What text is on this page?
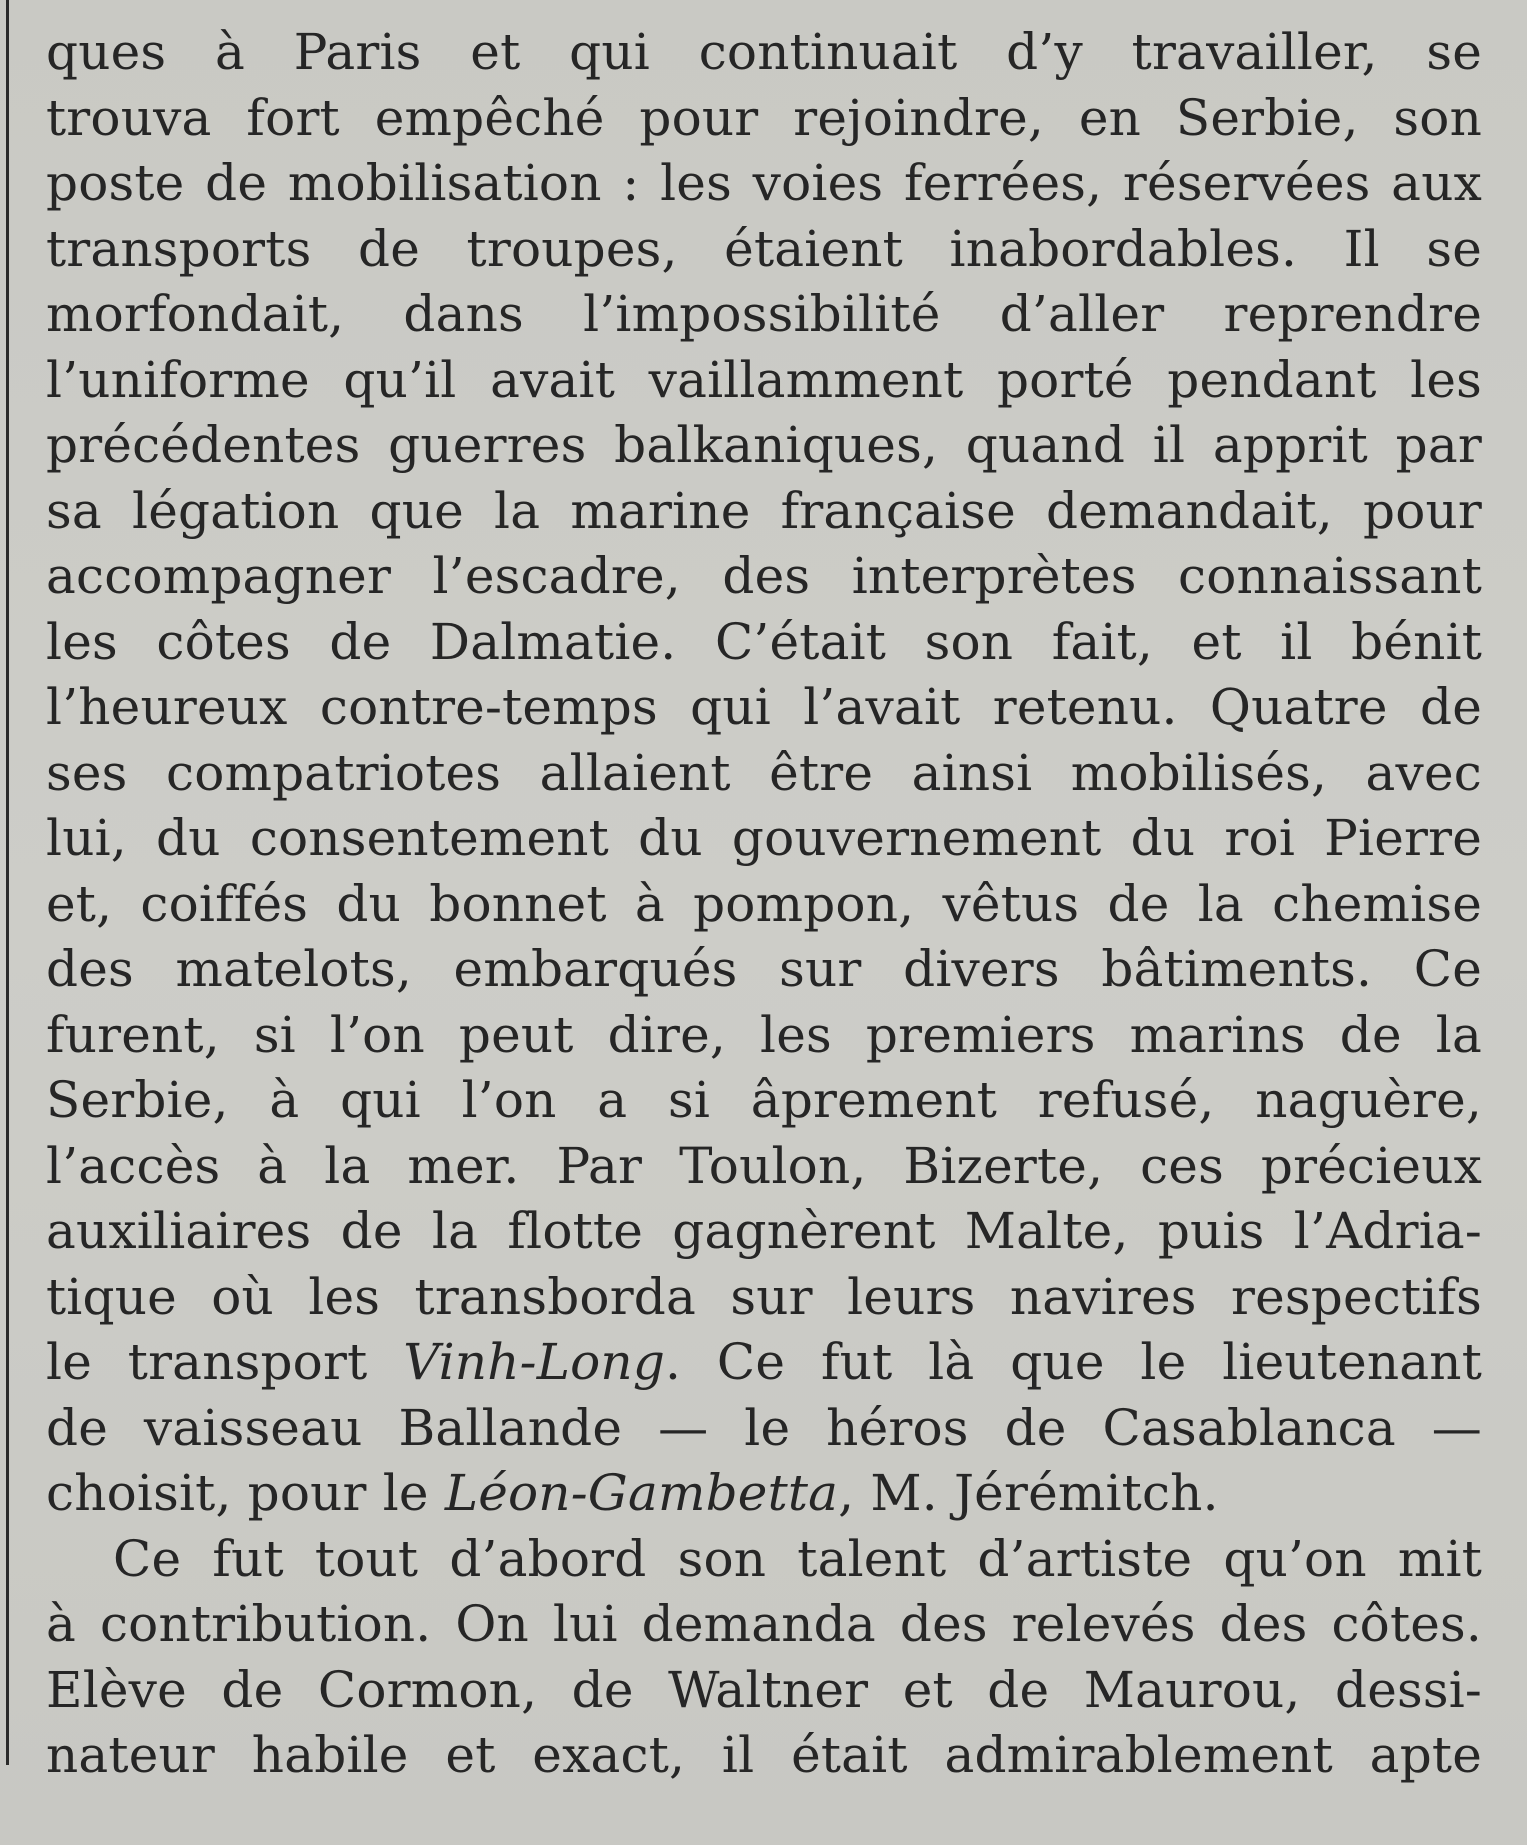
ques à Paris et qui continuait d’y travailler, se
trouva fort empêché pour rejoindre, en Serbie, son
poste de mobilisation : les voies ferrées, réservées aux
transports de troupes, étaient inabordables. Il se
morfondait, dans l’impossibilité d’aller reprendre
l’uniforme qu’il avait vaillamment porté pendant les
précédentes guerres balkaniques, quand il apprit par
sa légation que la marine française demandait, pour
accompagner l’escadre, des interprètes connaissant
les côtes de Dalmatie. C’était son fait, et il bénit
l’heureux contre-temps qui l’avait retenu. Quatre de
ses compatriotes allaient être ainsi mobilisés, avec
lui, du consentement du gouvernement du roi Pierre
et, coiffés du bonnet à pompon, vêtus de la chemise
des matelots, embarqués sur divers bâtiments. Ce
furent, si l’on peut dire, les premiers marins de la
Serbie, à qui l’on a si âprement refusé, naguère,
l’accès à la mer. Par Toulon, Bizerte, ces précieux
auxiliaires de la flotte gagnèrent Malte, puis l’Adria-
tique où les transborda sur leurs navires respectifs
le transport Vinh-Long. Ce fut là que le lieutenant
de vaisseau Ballande — le héros de Casablanca —
choisit, pour le Léon-Gambetta, M. Jérémitch.
Ce fut tout d’abord son talent d’artiste qu’on mit
à contribution. On lui demanda des relevés des côtes.
Elève de Cormon, de Waltner et de Maurou, dessi-
nateur habile et exact, il était admirablement apte
